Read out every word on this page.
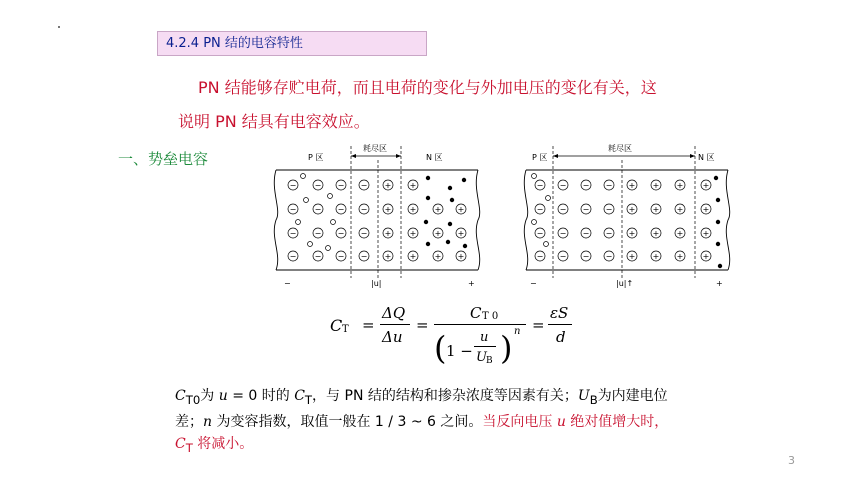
4.2.4 PN 结的电容特性
PN 结能够存贮电荷，而且电荷的变化与外加电压的变化有关，这
说明 PN 结具有电容效应。
一、势垒电容	P 区
耗尽区
N 区
− − − − + +
− − − − + + + +
− − − − + + + +
− − − − + + + +
−	|u|	+
P 区
耗尽区
N 区
− − − − + + + +
− − − − + + + +
− − − − + + + +
− − − − + + + +
−	|u|↑	+
C T =
ΔQ
Δu
=
C T 0
( 1 −
u
U B ) n =
εS
d
$C_{T0}$为 u = 0 时的 $C_T$，与 PN 结的结构和掺杂浓度等因素有关；$U_B$为内建电位
差；n 为变容指数，取值一般在 1 / 3 ~ 6 之间。当反向电压 u 绝对值增大时，
$C_T$ 将减小。
3
